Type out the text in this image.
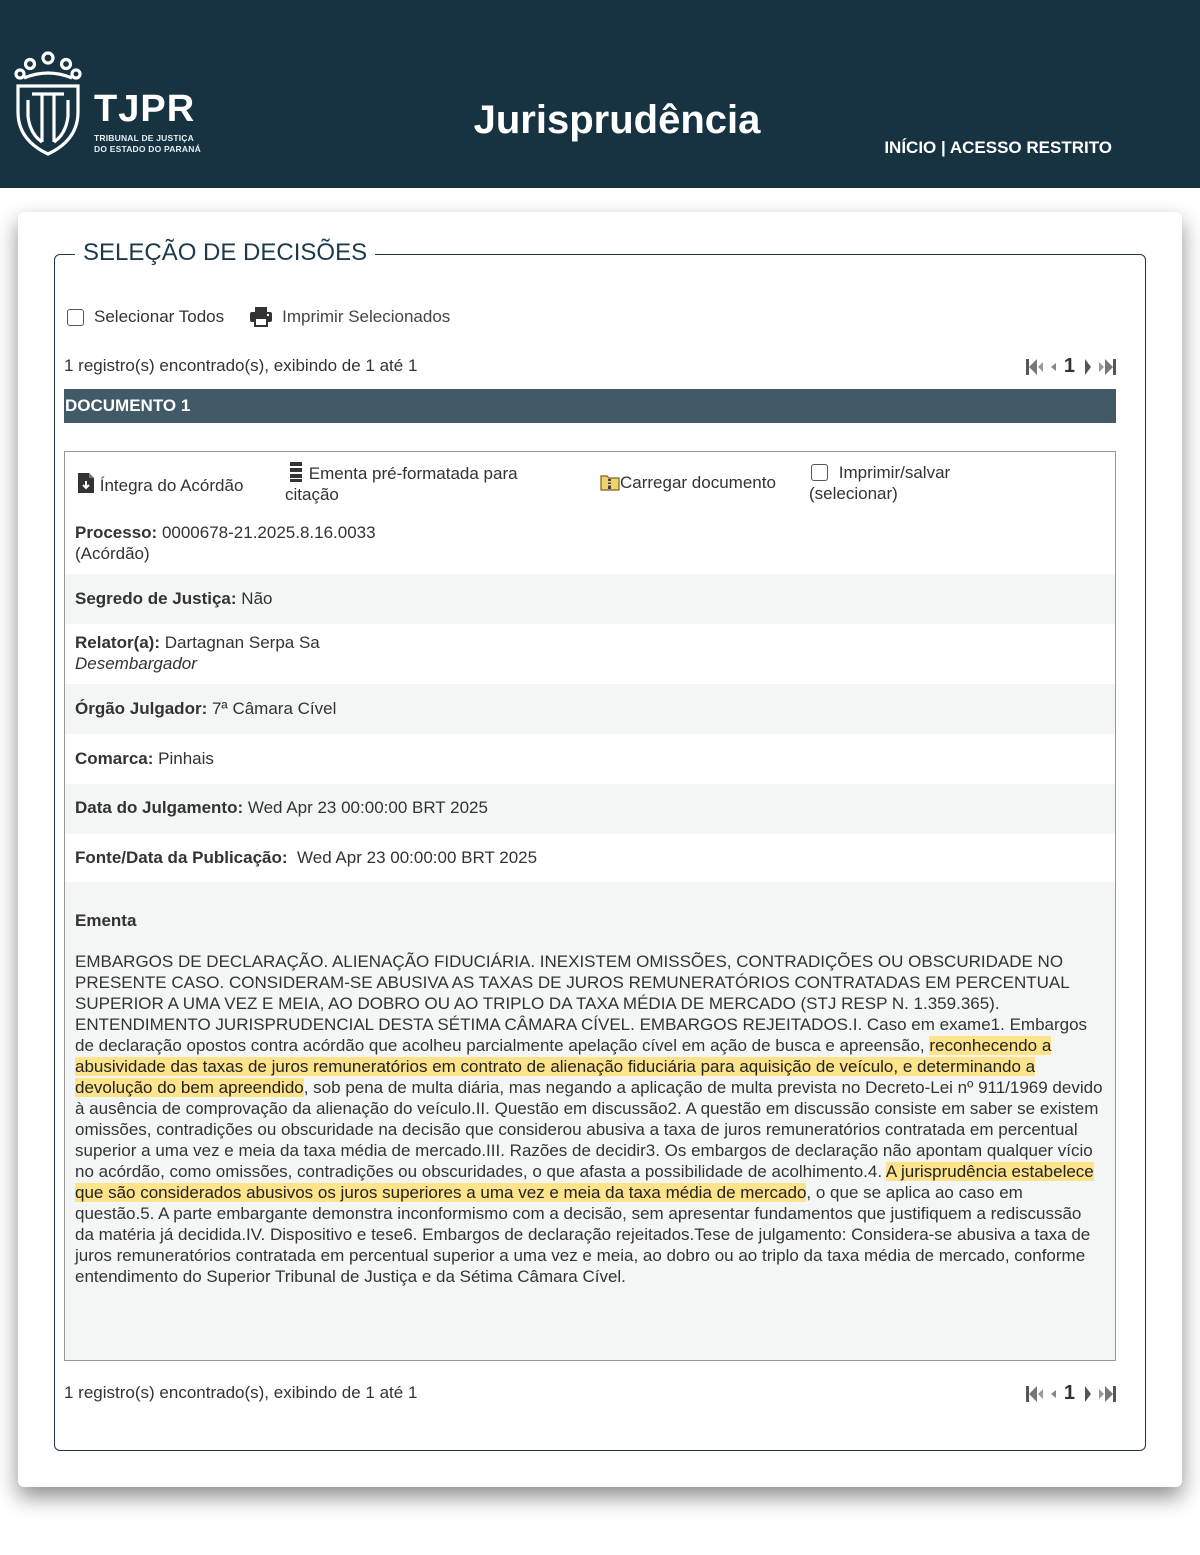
TJPR
TRIBUNAL DE JUSTIÇA
DO ESTADO DO PARANÁ
Jurisprudência
INÍCIO | ACESSO RESTRITO
SELEÇÃO DE DECISÕES
Selecionar Todos	Imprimir Selecionados
1 registro(s) encontrado(s), exibindo de 1 até 1	1
DOCUMENTO 1
Íntegra do Acórdão
Ementa pré-formatada para
citação
Carregar documento
Imprimir/salvar
(selecionar)
Processo: 0000678-21.2025.8.16.0033
(Acórdão)
Segredo de Justiça: Não
Relator(a): Dartagnan Serpa Sa
Desembargador
Órgão Julgador: 7ª Câmara Cível
Comarca: Pinhais
Data do Julgamento: Wed Apr 23 00:00:00 BRT 2025
Fonte/Data da Publicação: Wed Apr 23 00:00:00 BRT 2025
Ementa

EMBARGOS DE DECLARAÇÃO. ALIENAÇÃO FIDUCIÁRIA. INEXISTEM OMISSÕES, CONTRADIÇÕES OU OBSCURIDADE NO PRESENTE CASO. CONSIDERAM-SE ABUSIVA AS TAXAS DE JUROS REMUNERATÓRIOS CONTRATADAS EM PERCENTUAL SUPERIOR A UMA VEZ E MEIA, AO DOBRO OU AO TRIPLO DA TAXA MÉDIA DE MERCADO (STJ RESP N. 1.359.365). ENTENDIMENTO JURISPRUDENCIAL DESTA SÉTIMA CÂMARA CÍVEL. EMBARGOS REJEITADOS.I. Caso em exame1. Embargos de declaração opostos contra acórdão que acolheu parcialmente apelação cível em ação de busca e apreensão, reconhecendo a abusividade das taxas de juros remuneratórios em contrato de alienação fiduciária para aquisição de veículo, e determinando a devolução do bem apreendido, sob pena de multa diária, mas negando a aplicação de multa prevista no Decreto-Lei nº 911/1969 devido à ausência de comprovação da alienação do veículo.II. Questão em discussão2. A questão em discussão consiste em saber se existem omissões, contradições ou obscuridade na decisão que considerou abusiva a taxa de juros remuneratórios contratada em percentual superior a uma vez e meia da taxa média de mercado.III. Razões de decidir3. Os embargos de declaração não apontam qualquer vício no acórdão, como omissões, contradições ou obscuridades, o que afasta a possibilidade de acolhimento.4. A jurisprudência estabelece que são considerados abusivos os juros superiores a uma vez e meia da taxa média de mercado, o que se aplica ao caso em questão.5. A parte embargante demonstra inconformismo com a decisão, sem apresentar fundamentos que justifiquem a rediscussão da matéria já decidida.IV. Dispositivo e tese6. Embargos de declaração rejeitados.Tese de julgamento: Considera-se abusiva a taxa de juros remuneratórios contratada em percentual superior a uma vez e meia, ao dobro ou ao triplo da taxa média de mercado, conforme entendimento do Superior Tribunal de Justiça e da Sétima Câmara Cível.

1 registro(s) encontrado(s), exibindo de 1 até 1	1
